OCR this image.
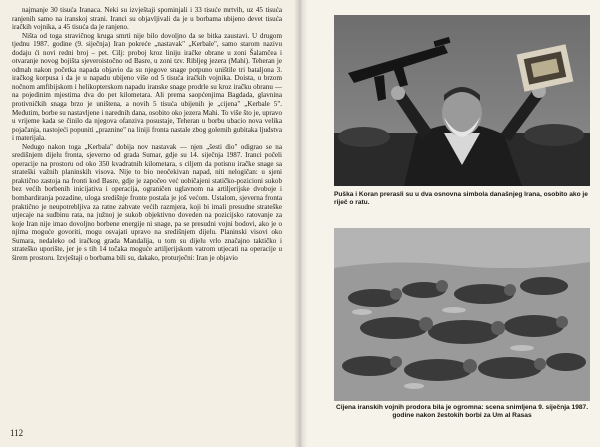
najmanje 30 tisuća Iranaca. Neki su izvještaji spominjali i 33 tisuće mrtvih, uz 45 tisuća ranjenih samo na iranskoj strani. Iranci su objavljivali da je u borbama ubijeno devet tisuća iračkih vojnika, a 45 tisuća da je ranjeno.

Ništa od toga stravičnog kruga smrti nije bilo dovoljno da se bitka zaustavi. U drugom tjednu 1987. godine (9. siječnja) Iran pokreće „nastavak" „Kerbale", samo starom nazivu dodaju ći novi redni broj – pet. Cilj: proboj kroz liniju iračke obrane u zoni Šalamčea i otvaranje novog bojišta sjeveroistočno od Basre, u zoni tzv. Ribljeg jezera (Mahi). Teheran je odmah nakon početka napada objavio da su njegove snage potpuno uništile tri bataljona 3. iračkog korpusa i da je u napadu ubijeno više od 5 tisuća iračkih vojnika. Doista, u brzom nočnom amfibijskom i helikopterskom napadu iranske snage prodrle su kroz iračku obranu — na pojedinim mjestima dva do pet kilometara. Ali prema saopćenjima Bagdada, glavnina protivničkih snaga brzo je uništena, a novih 5 tisuća ubijenih je „cijena" „Kerbale 5". Međutim, borbe su nastavljene i narednih dana, osobito oko jezera Mahi. To više što je, upravo u vrijeme kada se činilo da njegova ofanziva posustaje, Teheran u borbu ubacio nova velika pojačanja, nastojeći popuniti „praznine" na liniji fronta nastale zbog golemih gubitaka ljudstva i materijala.

Nedugo nakon toga „Kerbala" dobija nov nastavak — njen „šesti dio" odigrao se na središnjem dijelu fronta, sjeverno od grada Sumar, gdje su 14. siječnja 1987. Iranci počeli operacije na prostoru od oko 350 kvadratnih kilometara, s ciljem da potisnu iračke snage sa strateški važnih planinskih visova. Nije to bio neočekivan napad, niti nelogičan: u sjeni praktično zastoja na fronti kod Basre, gdje je započeo već uobičajeni statičko-pozicioni sukob bez većih borbenih inicijativa i operacija, ograničen uglavnom na artiljerijske dvoboje i bombardiranja pozadine, uloga središnje fronte postala je još većom. Ustalom, sjeverna fronta praktično je neupotrebljiva za ratne zahvate većih razmjera, koji bi imali presudne strateške utjecaje na sudbinu rata, na južnoj je sukob objektivno doveden na pozicijsko ratovanje za koje Iran nije imao dovoljno borbene energije ni snage, pa se presudni vojni bodovi, ako je o njima moguće govoriti, mogu osvajati upravo na središnjem dijelu. Planinski visovi oko Sumara, nedaleko od iračkog grada Mandalija, u tom su dijelu vrlo značajno taktičko i strateško uporište, jer je s tih 14 točaka moguće artiljerijskom vatrom utjecati na operacije u širem prostoru. Izvještaji o borbama bili su, dakako, proturječni: Iran je objavio

112
Puška i Koran preraslі su u dva osnovna simbola današnjeg Irana, osobito ako je riječ o ratu.
Cijena iranskih vojnih prodora bila je ogromna: scena snimljena 9. siječnja 1987. godine nakon žestokih borbi za Um al Rasas
